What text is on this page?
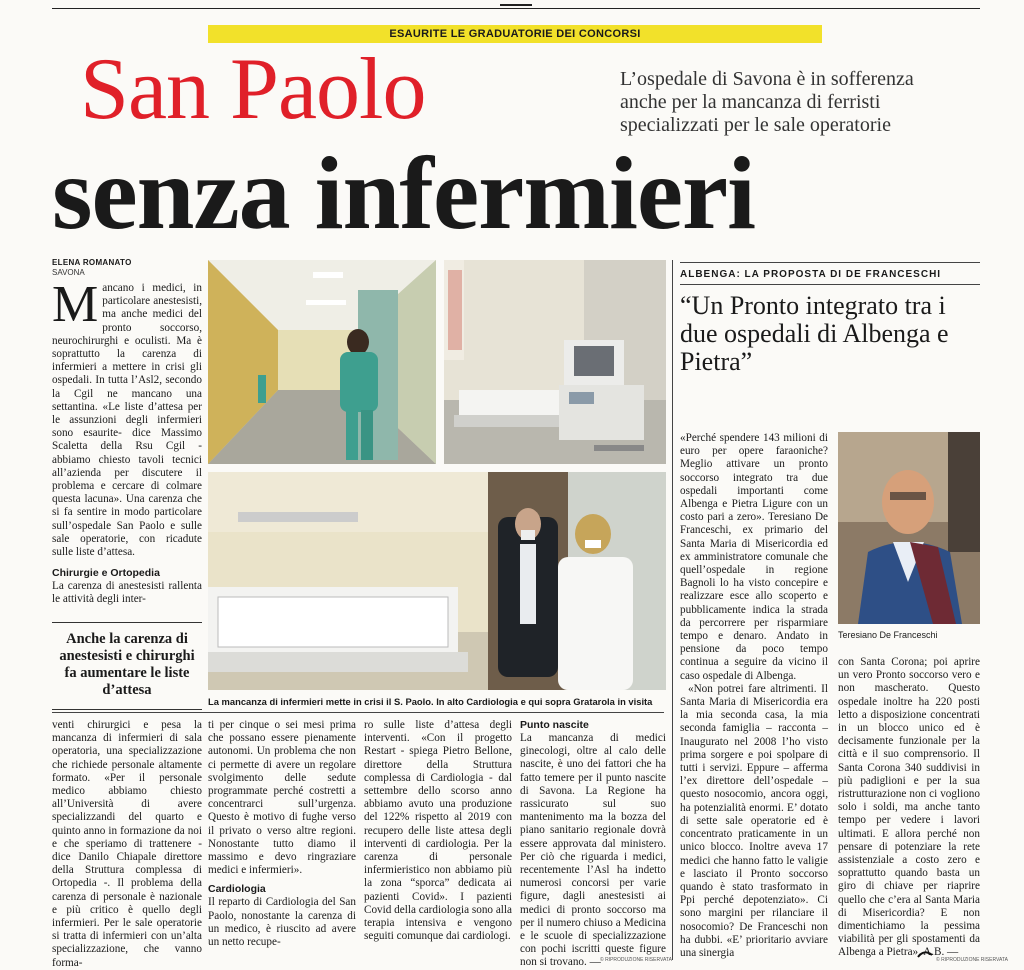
ESAURITE LE GRADUATORIE DEI CONCORSI
San Paolo
senza infermieri
L’ospedale di Savona è in sofferenza anche per la mancanza di ferristi specializzati per le sale operatorie
ELENA ROMANATO
SAVONA
M ancano i medici, in particolare anestesisti, ma anche medici del pronto soccorso, neurochirurghi e oculisti. Ma è soprattutto la carenza di infermieri a mettere in crisi gli ospedali. In tutta l’Asl2, secondo la Cgil ne mancano una settantina. «Le liste d’attesa per le assunzioni degli infermieri sono esaurite- dice Massimo Scaletta della Rsu Cgil - abbiamo chiesto tavoli tecnici all’azienda per discutere il problema e cercare di colmare questa lacuna». Una carenza che si fa sentire in modo particolare sull’ospedale San Paolo e sulle sale operatorie, con ricadute sulle liste d’attesa.

Chirurgie e Ortopedia

La carenza di anestesisti rallenta le attività degli inter-

Anche la carenza di anestesisti e chirurghi fa aumentare le liste d’attesa
La mancanza di infermieri mette in crisi il S. Paolo. In alto Cardiologia e qui sopra Gratarola in visita

venti chirurgici e pesa la mancanza di infermieri di sala operatoria, una specializzazione che richiede personale altamente formato. «Per il personale medico abbiamo chiesto all’Università di avere specializzandi del quarto e quinto anno in formazione da noi e che speriamo di trattenere - dice Danilo Chiapale direttore della Struttura complessa di Ortopedia -. Il problema della carenza di personale è nazionale e più critico è quello degli infermieri. Per le sale operatorie si tratta di infermieri con un’alta specializzazione, che vanno forma-

ti per cinque o sei mesi prima che possano essere pienamente autonomi. Un problema che non ci permette di avere un regolare svolgimento delle sedute programmate perché costretti a concentrarci sull’urgenza. Questo è motivo di fughe verso il privato o verso altre regioni. Nonostante tutto diamo il massimo e devo ringraziare medici e infermieri».

Cardiologia

Il reparto di Cardiologia del San Paolo, nonostante la carenza di un medico, è riuscito ad avere un netto recupe-

ro sulle liste d’attesa degli interventi. «Con il progetto Restart - spiega Pietro Bellone, direttore della Struttura complessa di Cardiologia - dal settembre dello scorso anno abbiamo avuto una produzione del 122% rispetto al 2019 con recupero delle liste attesa degli interventi di cardiologia. Per la carenza di personale infermieristico non abbiamo più la zona “sporca” dedicata ai pazienti Covid». I pazienti Covid della cardiologia sono alla terapia intensiva e vengono seguiti comunque dai cardiologi.

Punto nascite

La mancanza di medici ginecologi, oltre al calo delle nascite, è uno dei fattori che ha fatto temere per il punto nascite di Savona. La Regione ha rassicurato sul suo mantenimento ma la bozza del piano sanitario regionale dovrà essere approvata dal ministero. Per ciò che riguarda i medici, recentemente l’Asl ha indetto numerosi concorsi per varie figure, dagli anestesisti ai medici di pronto soccorso ma per il numero chiuso a Medicina e le scuole di specializzazione con pochi iscritti queste figure non si trovano. — © RIPRODUZIONE RISERVATA
ALBENGA: LA PROPOSTA DI DE FRANCESCHI
“Un Pronto integrato tra i due ospedali di Albenga e Pietra”

«Perché spendere 143 milioni di euro per opere faraoniche? Meglio attivare un pronto soccorso integrato tra due ospedali importanti come Albenga e Pietra Ligure con un costo pari a zero». Teresiano De Franceschi, ex primario del Santa Maria di Misericordia ed ex amministratore comunale che quell’ospedale in regione Bagnoli lo ha visto concepire e realizzare esce allo scoperto e pubblicamente indica la strada da percorrere per risparmiare tempo e denaro. Andato in pensione da poco tempo continua a seguire da vicino il caso ospedale di Albenga.

«Non potrei fare altrimenti. Il Santa Maria di Misericordia era la mia seconda casa, la mia seconda famiglia – racconta – Inaugurato nel 2008 l’ho visto prima sorgere e poi spolpare di tutti i servizi. Eppure – afferma l’ex direttore dell’ospedale – questo nosocomio, ancora oggi, ha potenzialità enormi. E’ dotato di sette sale operatorie ed è concentrato praticamente in un unico blocco. Inoltre aveva 17 medici che hanno fatto le valigie e lasciato il Pronto soccorso quando è stato trasformato in Ppi perché depotenziato». Ci sono margini per rilanciare il nosocomio? De Franceschi non ha dubbi. «E’ prioritario avviare una sinergia

Teresiano De Franceschi

con Santa Corona; poi aprire un vero Pronto soccorso vero e non mascherato. Questo ospedale inoltre ha 220 posti letto a disposizione concentrati in un blocco unico ed è decisamente funzionale per la città e il suo comprensorio. Il Santa Corona 340 suddivisi in più padiglioni e per la sua ristrutturazione non ci vogliono solo i soldi, ma anche tanto tempo per vedere i lavori ultimati. E allora perché non pensare di potenziare la rete assistenziale a costo zero e soprattutto quando basta un giro di chiave per riaprire quello che c’era al Santa Maria di Misericordia? E non dimentichiamo la pessima viabilità per gli spostamenti da Albenga a Pietra». A.B. —

© RIPRODUZIONE RISERVATA
